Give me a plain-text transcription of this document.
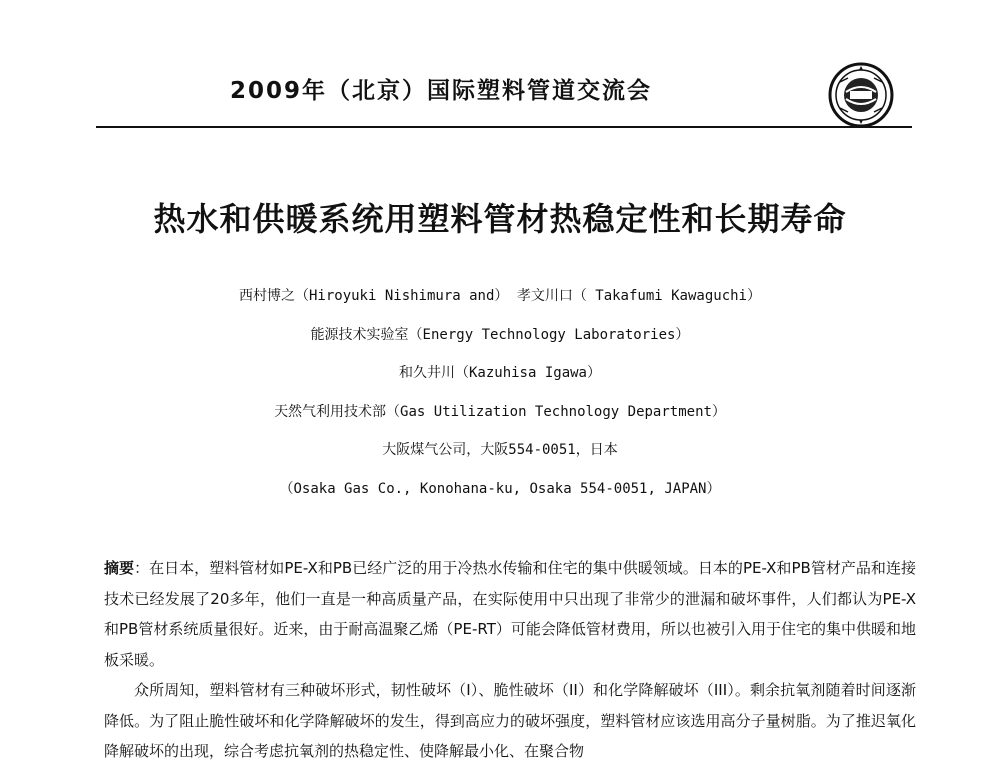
2009年（北京）国际塑料管道交流会
热水和供暖系统用塑料管材热稳定性和长期寿命
西村博之（Hiroyuki Nishimura and） 孝文川口（ Takafumi Kawaguchi）
能源技术实验室（Energy Technology Laboratories）
和久井川（Kazuhisa Igawa）
天然气利用技术部（Gas Utilization Technology Department）
大阪煤气公司，大阪554-0051，日本
（Osaka Gas Co., Konohana-ku, Osaka 554-0051, JAPAN）

摘要：在日本，塑料管材如PE-X和PB已经广泛的用于冷热水传输和住宅的集中供暖领域。日本的PE-X和PB管材产品和连接技术已经发展了20多年，他们一直是一种高质量产品，在实际使用中只出现了非常少的泄漏和破坏事件，人们都认为PE-X和PB管材系统质量很好。近来，由于耐高温聚乙烯（PE-RT）可能会降低管材费用，所以也被引入用于住宅的集中供暖和地板采暖。

众所周知，塑料管材有三种破坏形式，韧性破坏（I）、脆性破坏（II）和化学降解破坏（III）。剩余抗氧剂随着时间逐渐降低。为了阻止脆性破坏和化学降解破坏的发生，得到高应力的破坏强度，塑料管材应该选用高分子量树脂。为了推迟氧化降解破坏的出现，综合考虑抗氧剂的热稳定性、使降解最小化、在聚合物
